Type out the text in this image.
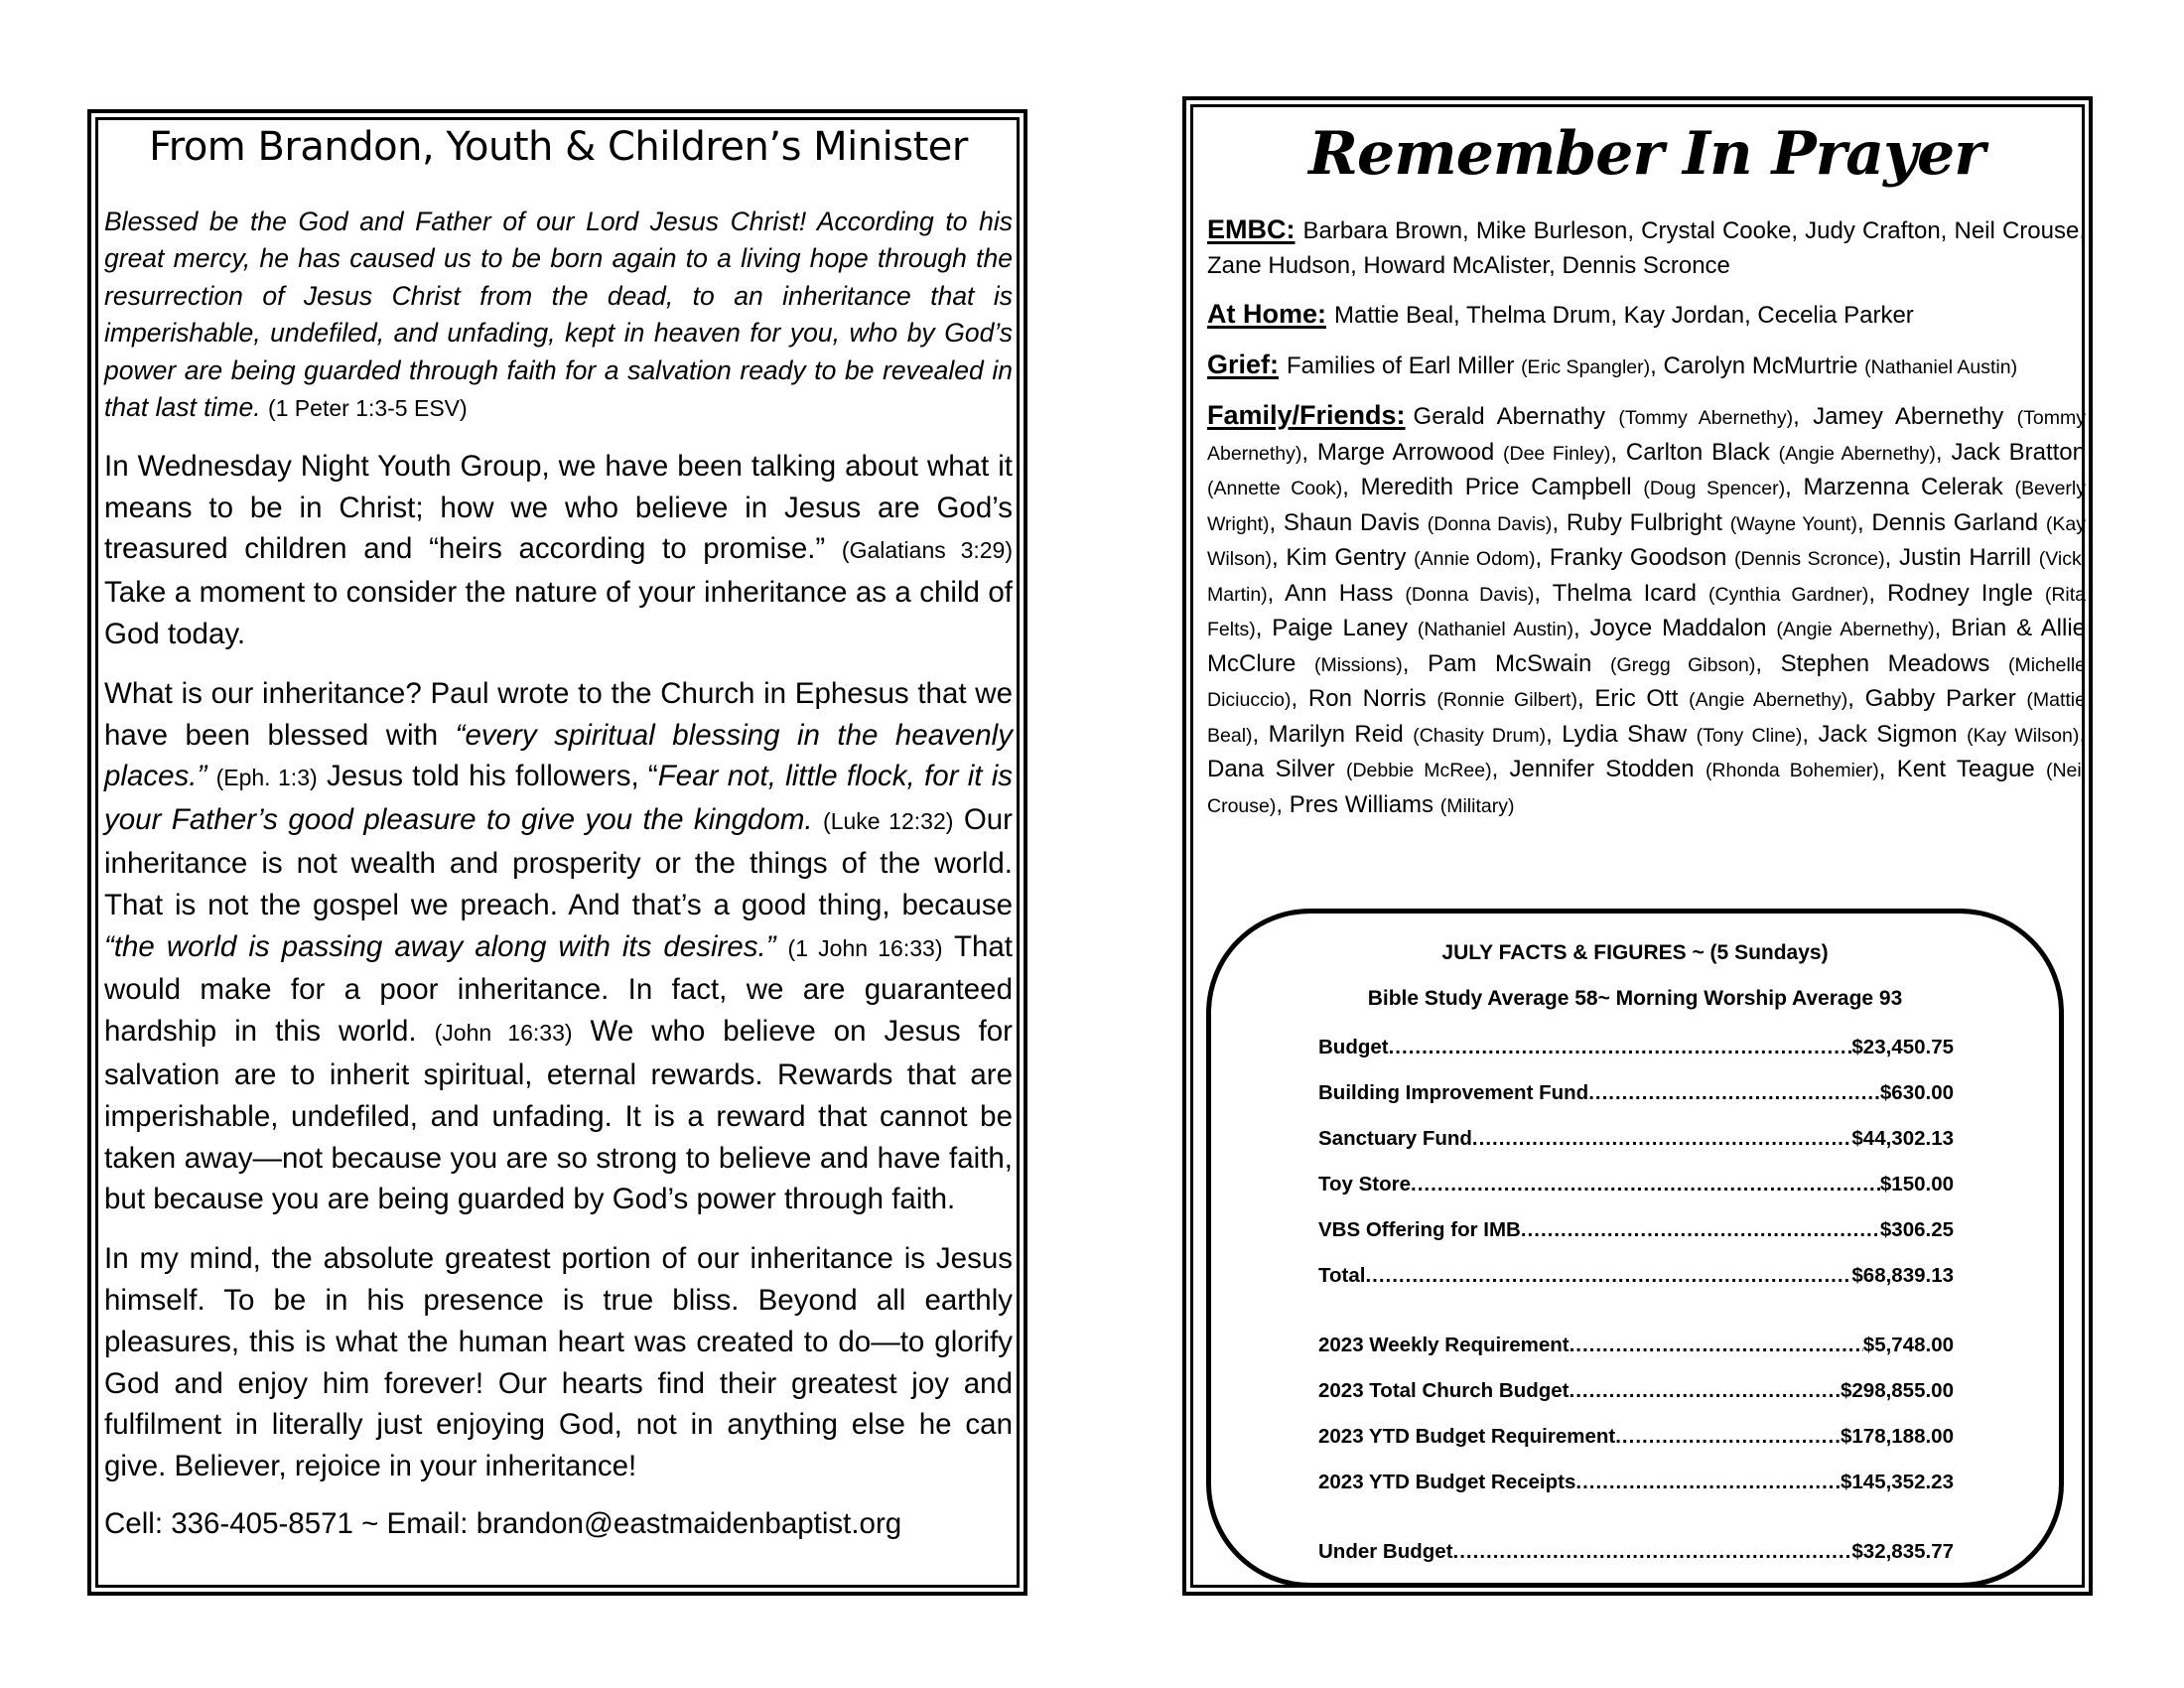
From Brandon, Youth & Children’s Minister

Blessed be the God and Father of our Lord Jesus Christ! According to his great mercy, he has caused us to be born again to a living hope through the resurrection of Jesus Christ from the dead, to an inheritance that is imperishable, undefiled, and unfading, kept in heaven for you, who by God’s power are being guarded through faith for a salvation ready to be revealed in that last time. (1 Peter 1:3-5 ESV)

In Wednesday Night Youth Group, we have been talking about what it means to be in Christ; how we who believe in Jesus are God’s treasured children and “heirs according to promise.” (Galatians 3:29) Take a moment to consider the nature of your inheritance as a child of God today.

What is our inheritance? Paul wrote to the Church in Ephesus that we have been blessed with “every spiritual blessing in the heavenly places.” (Eph. 1:3) Jesus told his followers, “Fear not, little flock, for it is your Father’s good pleasure to give you the kingdom. (Luke 12:32) Our inheritance is not wealth and prosperity or the things of the world. That is not the gospel we preach. And that’s a good thing, because “the world is passing away along with its desires.” (1 John 16:33) That would make for a poor inheritance. In fact, we are guaranteed hardship in this world. (John 16:33) We who believe on Jesus for salvation are to inherit spiritual, eternal rewards. Rewards that are imperishable, undefiled, and unfading. It is a reward that cannot be taken away—not because you are so strong to believe and have faith, but because you are being guarded by God’s power through faith.

In my mind, the absolute greatest portion of our inheritance is Jesus himself. To be in his presence is true bliss. Beyond all earthly pleasures, this is what the human heart was created to do—to glorify God and enjoy him forever! Our hearts find their greatest joy and fulfilment in literally just enjoying God, not in anything else he can give. Believer, rejoice in your inheritance!

Cell: 336-405-8571 ~ Email: brandon@eastmaidenbaptist.org

Remember In Prayer

EMBC: Barbara Brown, Mike Burleson, Crystal Cooke, Judy Crafton, Neil Crouse, Zane Hudson, Howard McAlister, Dennis Scronce

At Home: Mattie Beal, Thelma Drum, Kay Jordan, Cecelia Parker

Grief: Families of Earl Miller (Eric Spangler), Carolyn McMurtrie (Nathaniel Austin)

Family/Friends: Gerald Abernathy (Tommy Abernethy), Jamey Abernethy (Tommy Abernethy), Marge Arrowood (Dee Finley), Carlton Black (Angie Abernethy), Jack Bratton (Annette Cook), Meredith Price Campbell (Doug Spencer), Marzenna Celerak (Beverly Wright), Shaun Davis (Donna Davis), Ruby Fulbright (Wayne Yount), Dennis Garland (Kay Wilson), Kim Gentry (Annie Odom), Franky Goodson (Dennis Scronce), Justin Harrill (Vicki Martin), Ann Hass (Donna Davis), Thelma Icard (Cynthia Gardner), Rodney Ingle (Rita Felts), Paige Laney (Nathaniel Austin), Joyce Maddalon (Angie Abernethy), Brian & Allie McClure (Missions), Pam McSwain (Gregg Gibson), Stephen Meadows (Michelle Diciuccio), Ron Norris (Ronnie Gilbert), Eric Ott (Angie Abernethy), Gabby Parker (Mattie Beal), Marilyn Reid (Chasity Drum), Lydia Shaw (Tony Cline), Jack Sigmon (Kay Wilson), Dana Silver (Debbie McRee), Jennifer Stodden (Rhonda Bohemier), Kent Teague (Neil Crouse), Pres Williams (Military)

JULY FACTS & FIGURES ~ (5 Sundays)
Bible Study Average 58~ Morning Worship Average 93
Budget .....	$23,450.75
Building Improvement Fund .....	$630.00
Sanctuary Fund .....	$44,302.13
Toy Store .....	$150.00
VBS Offering for IMB .....	$306.25
Total .....	$68,839.13
2023 Weekly Requirement .....	$5,748.00
2023 Total Church Budget .....	$298,855.00
2023 YTD Budget Requirement .....	$178,188.00
2023 YTD Budget Receipts .....	$145,352.23
Under Budget .....	$32,835.77
